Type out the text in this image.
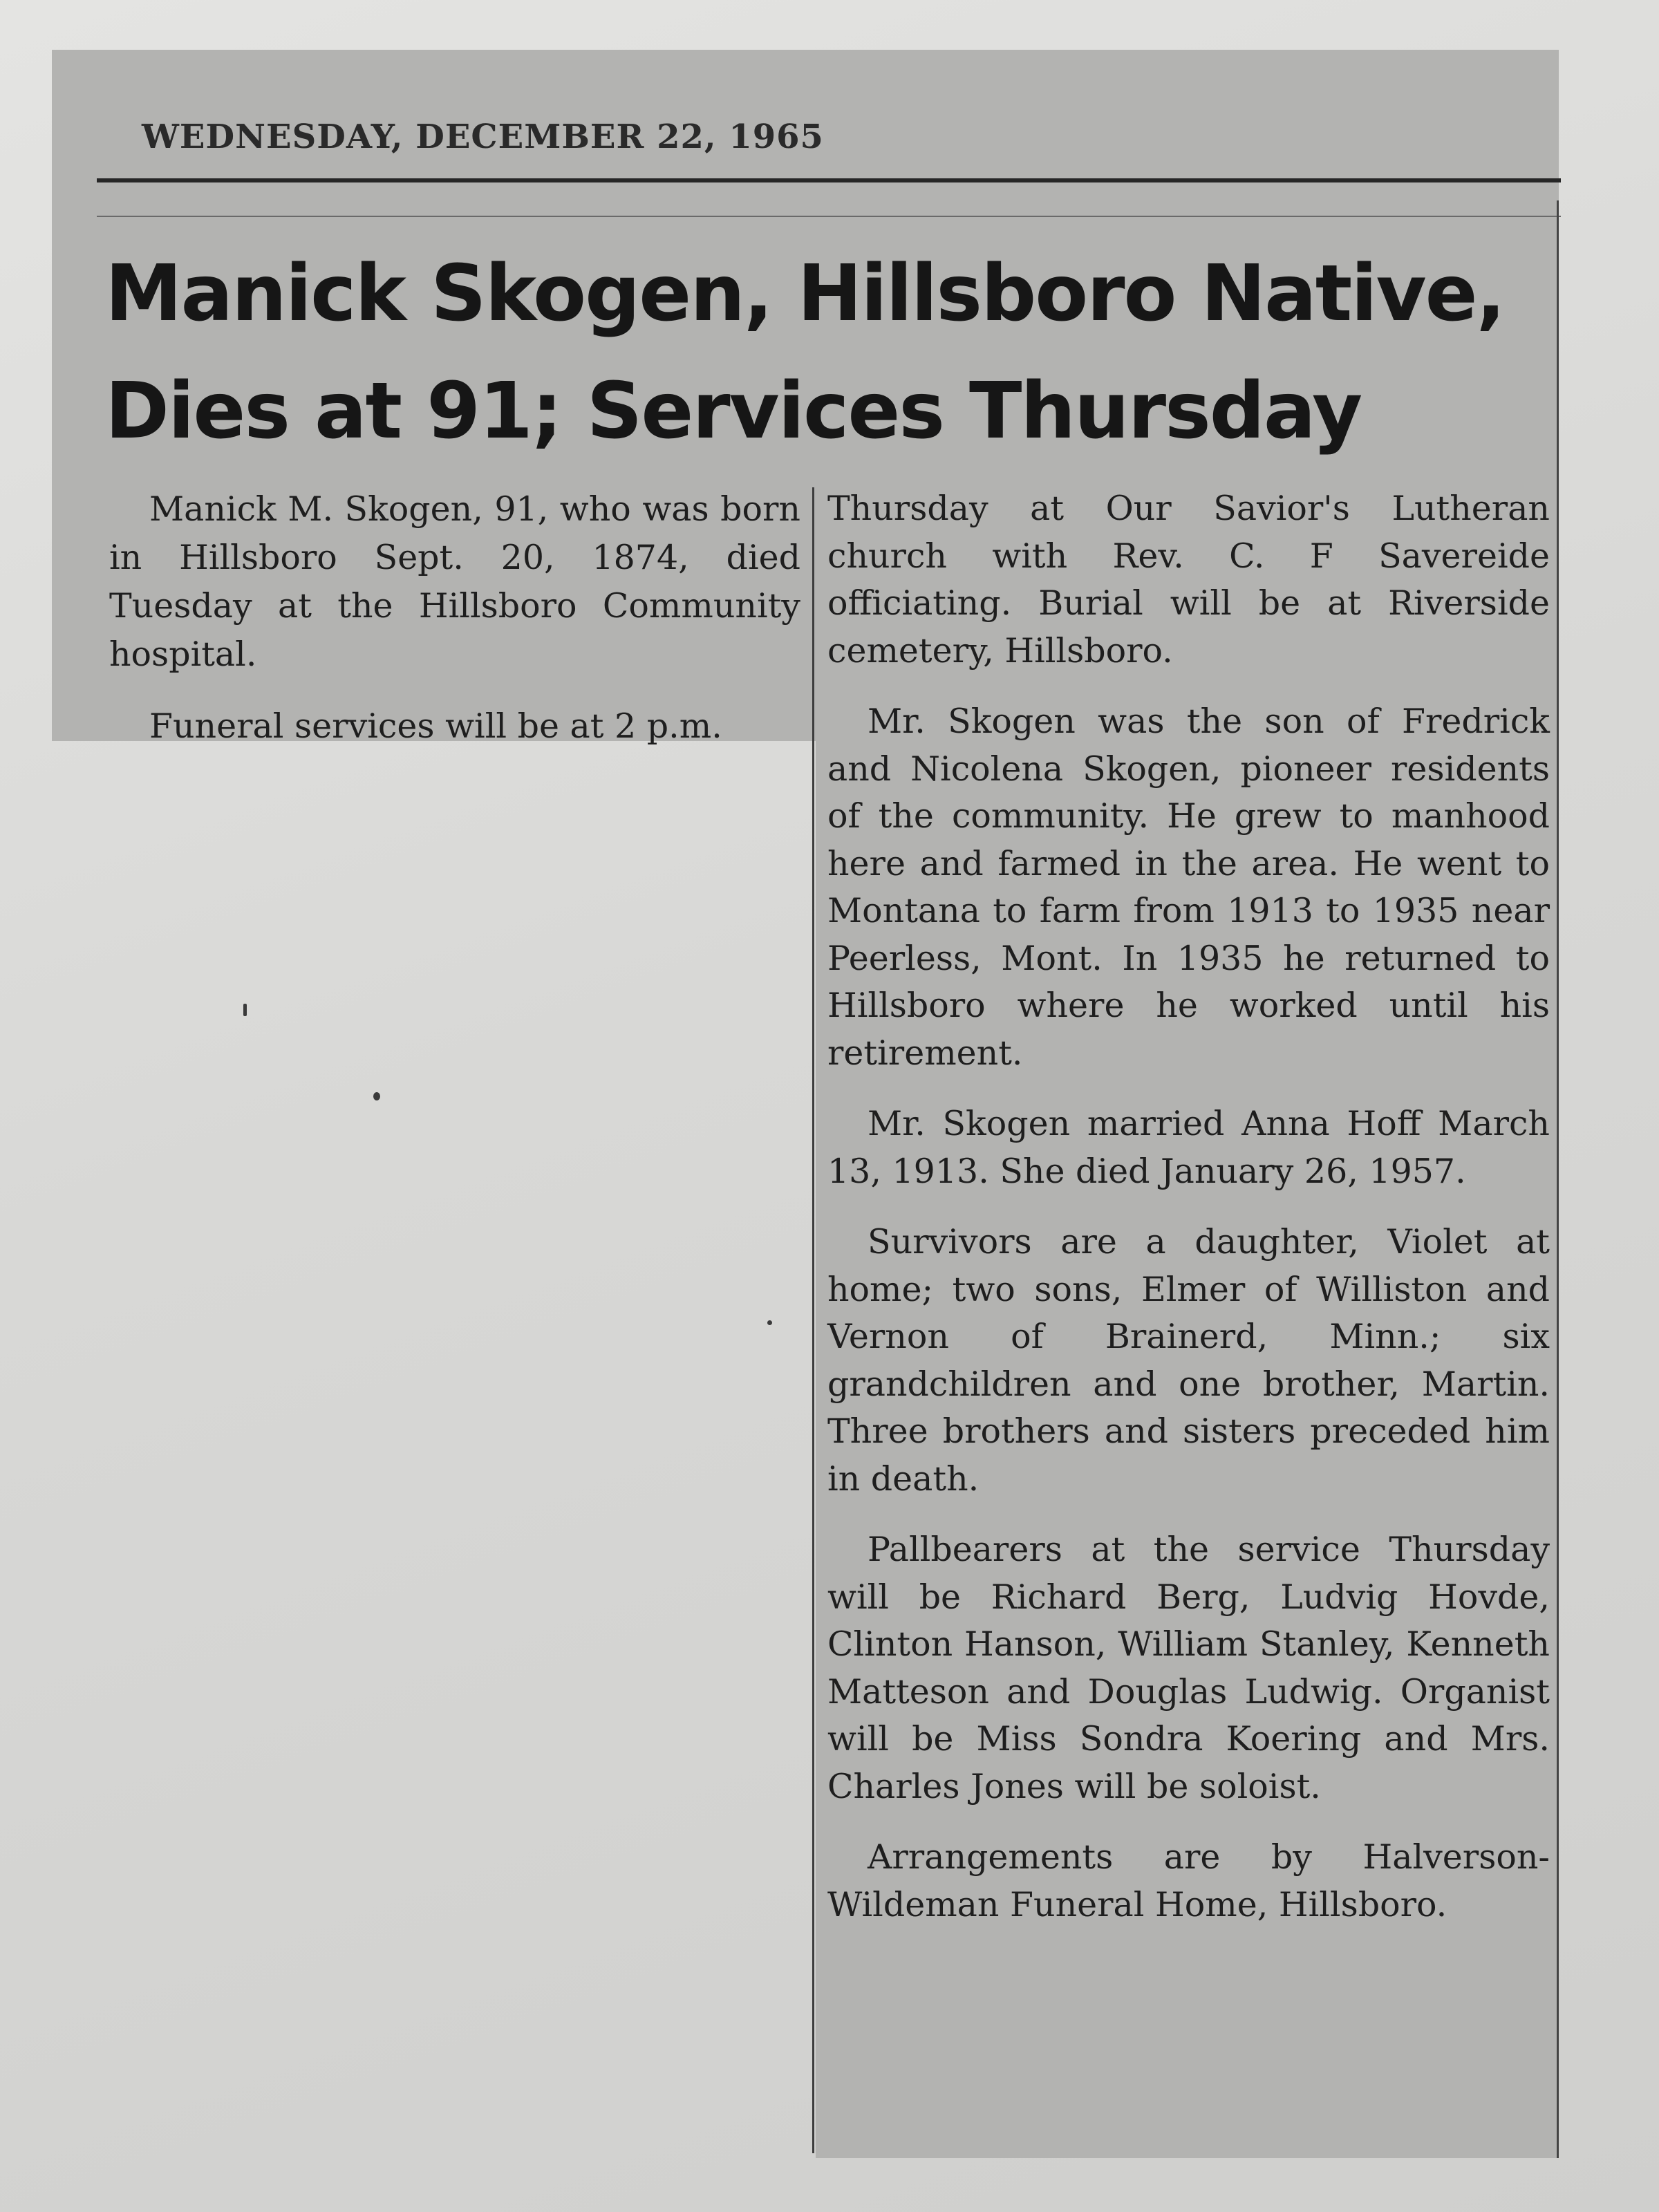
WEDNESDAY, DECEMBER 22, 1965
Manick Skogen, Hillsboro Native,
Dies at 91; Services Thursday

Manick M. Skogen, 91, who was born in Hillsboro Sept. 20, 1874, died Tuesday at the Hillsboro Community hospital.

Funeral services will be at 2 p.m.

Thursday at Our Savior's Lutheran church with Rev. C. F Savereide officiating. Burial will be at Riverside cemetery, Hillsboro.

Mr. Skogen was the son of Fredrick and Nicolena Skogen, pioneer residents of the community. He grew to manhood here and farmed in the area. He went to Montana to farm from 1913 to 1935 near Peerless, Mont. In 1935 he returned to Hillsboro where he worked until his retirement.

Mr. Skogen married Anna Hoff March 13, 1913. She died January 26, 1957.

Survivors are a daughter, Violet at home; two sons, Elmer of Williston and Vernon of Brainerd, Minn.; six grandchildren and one brother, Martin. Three brothers and sisters preceded him in death.

Pallbearers at the service Thursday will be Richard Berg, Ludvig Hovde, Clinton Hanson, William Stanley, Kenneth Matteson and Douglas Ludwig. Organist will be Miss Sondra Koering and Mrs. Charles Jones will be soloist.

Arrangements are by Halverson-Wildeman Funeral Home, Hillsboro.
